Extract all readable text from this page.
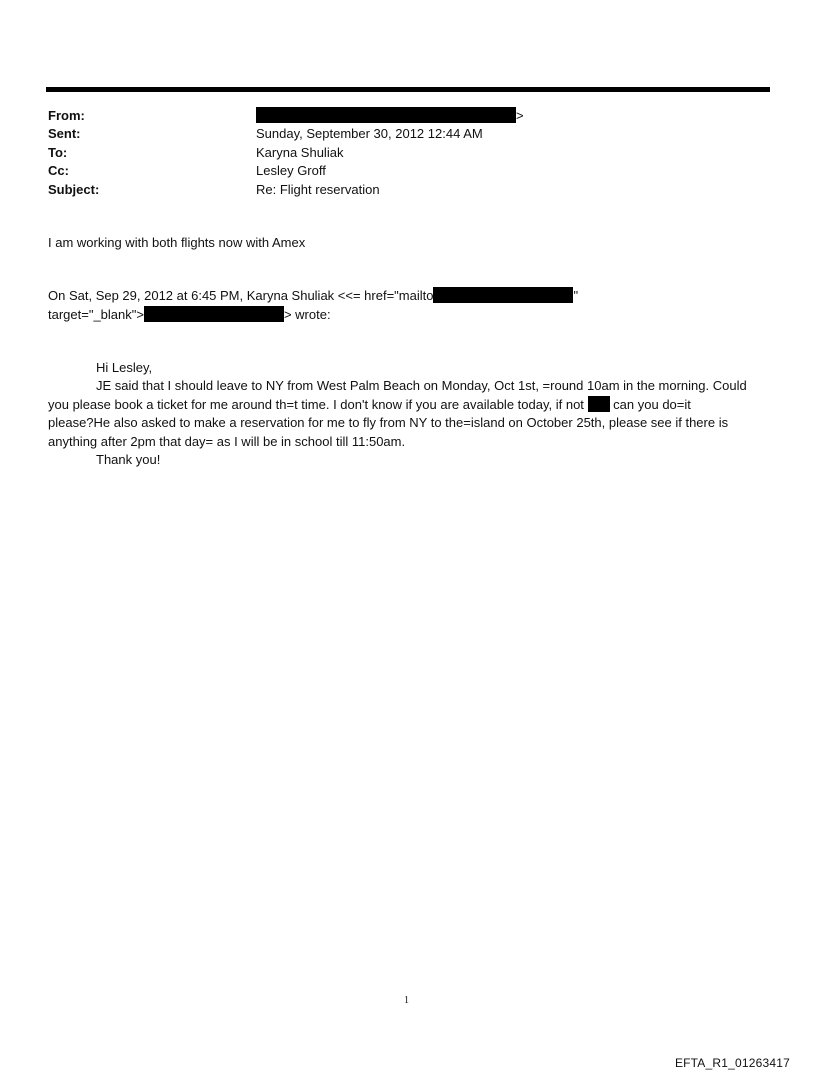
From:	>
Sent:	Sunday, September 30, 2012 12:44 AM
To:	Karyna Shuliak
Cc:	Lesley Groff
Subject:	Re: Flight reservation
I am working with both flights now with Amex
On Sat, Sep 29, 2012 at 6:45 PM, Karyna Shuliak <<= href="mailto	"
target="_blank">	> wrote:
Hi Lesley,
JE said that I should leave to NY from West Palm Beach on Monday, Oct 1st, =round 10am in the morning. Could
you please book a ticket for me around th=t time. I don't know if you are available today, if not can you do=it
please?He also asked to make a reservation for me to fly from NY to the=island on October 25th, please see if there is
anything after 2pm that day= as I will be in school till 11:50am.
Thank you!
1
EFTA_R1_01263417
